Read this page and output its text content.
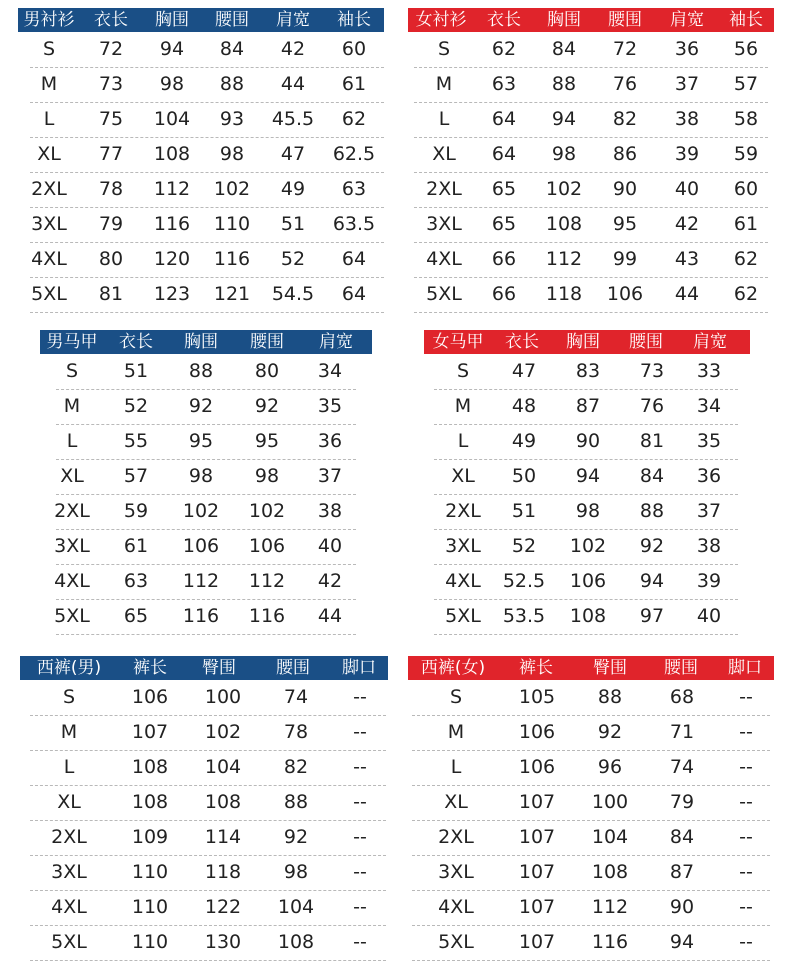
男衬衫	衣长	胸围	腰围	肩宽	袖长
S	72	94	84	42	60
M	73	98	88	44	61
L	75	104	93	45.5	62
XL	77	108	98	47	62.5
2XL	78	112	102	49	63
3XL	79	116	110	51	63.5
4XL	80	120	116	52	64
5XL	81	123	121	54.5	64
女衬衫	衣长	胸围	腰围	肩宽	袖长
S	62	84	72	36	56
M	63	88	76	37	57
L	64	94	82	38	58
XL	64	98	86	39	59
2XL	65	102	90	40	60
3XL	65	108	95	42	61
4XL	66	112	99	43	62
5XL	66	118	106	44	62
男马甲	衣长	胸围	腰围	肩宽
S	51	88	80	34
M	52	92	92	35
L	55	95	95	36
XL	57	98	98	37
2XL	59	102	102	38
3XL	61	106	106	40
4XL	63	112	112	42
5XL	65	116	116	44
女马甲	衣长	胸围	腰围	肩宽
S	47	83	73	33
M	48	87	76	34
L	49	90	81	35
XL	50	94	84	36
2XL	51	98	88	37
3XL	52	102	92	38
4XL	52.5	106	94	39
5XL	53.5	108	97	40
西裤(男)	裤长	臀围	腰围	脚口
S	106	100	74	--
M	107	102	78	--
L	108	104	82	--
XL	108	108	88	--
2XL	109	114	92	--
3XL	110	118	98	--
4XL	110	122	104	--
5XL	110	130	108	--
西裤(女)	裤长	臀围	腰围	脚口
S	105	88	68	--
M	106	92	71	--
L	106	96	74	--
XL	107	100	79	--
2XL	107	104	84	--
3XL	107	108	87	--
4XL	107	112	90	--
5XL	107	116	94	--
